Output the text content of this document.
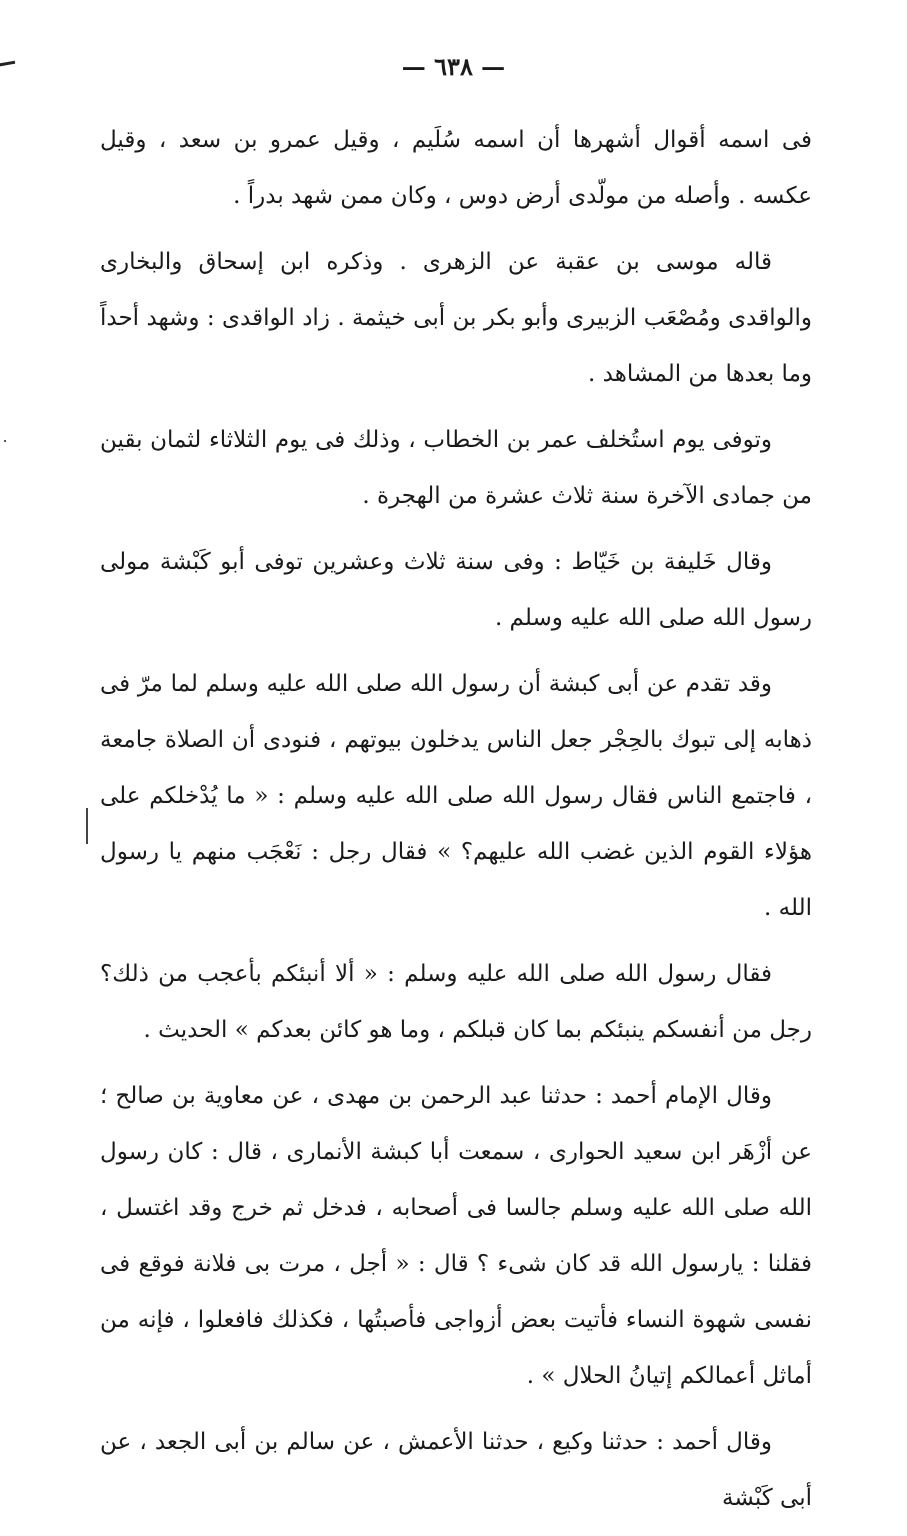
— ٦٣٨ —

فى اسمه أقوال أشهرها أن اسمه سُلَيم ، وقيل عمرو بن سعد ، وقيل عكسه . وأصله من مولّدى أرض دوس ، وكان ممن شهد بدراً .

قاله موسى بن عقبة عن الزهرى . وذكره ابن إسحاق والبخارى والواقدى ومُصْعَب الزبيرى وأبو بكر بن أبى خيثمة . زاد الواقدى : وشهد أحداً وما بعدها من المشاهد .

وتوفى يوم استُخلف عمر بن الخطاب ، وذلك فى يوم الثلاثاء لثمان بقين من جمادى الآخرة سنة ثلاث عشرة من الهجرة .

وقال خَليفة بن خَيّاط : وفى سنة ثلاث وعشرين توفى أبو كَبْشة مولى رسول الله صلى الله عليه وسلم .

وقد تقدم عن أبى كبشة أن رسول الله صلى الله عليه وسلم لما مرّ فى ذهابه إلى تبوك بالحِجْر جعل الناس يدخلون بيوتهم ، فنودى أن الصلاة جامعة ، فاجتمع الناس فقال رسول الله صلى الله عليه وسلم : « ما يُدْخلكم على هؤلاء القوم الذين غضب الله عليهم؟ » فقال رجل : نَعْجَب منهم يا رسول الله .

فقال رسول الله صلى الله عليه وسلم : « ألا أنبئكم بأعجب من ذلك؟ رجل من أنفسكم ينبئكم بما كان قبلكم ، وما هو كائن بعدكم » الحديث .

وقال الإمام أحمد : حدثنا عبد الرحمن بن مهدى ، عن معاوية بن صالح ؛ عن أزْهَر ابن سعيد الحوارى ، سمعت أبا كبشة الأنمارى ، قال : كان رسول الله صلى الله عليه وسلم جالسا فى أصحابه ، فدخل ثم خرج وقد اغتسل ، فقلنا : يارسول الله قد كان شىء ؟ قال : « أجل ، مرت بى فلانة فوقع فى نفسى شهوة النساء فأتيت بعض أزواجى فأصبتُها ، فكذلك فافعلوا ، فإنه من أماثل أعمالكم إتيانُ الحلال » .

وقال أحمد : حدثنا وكيع ، حدثنا الأعمش ، عن سالم بن أبى الجعد ، عن أبى كَبْشة
